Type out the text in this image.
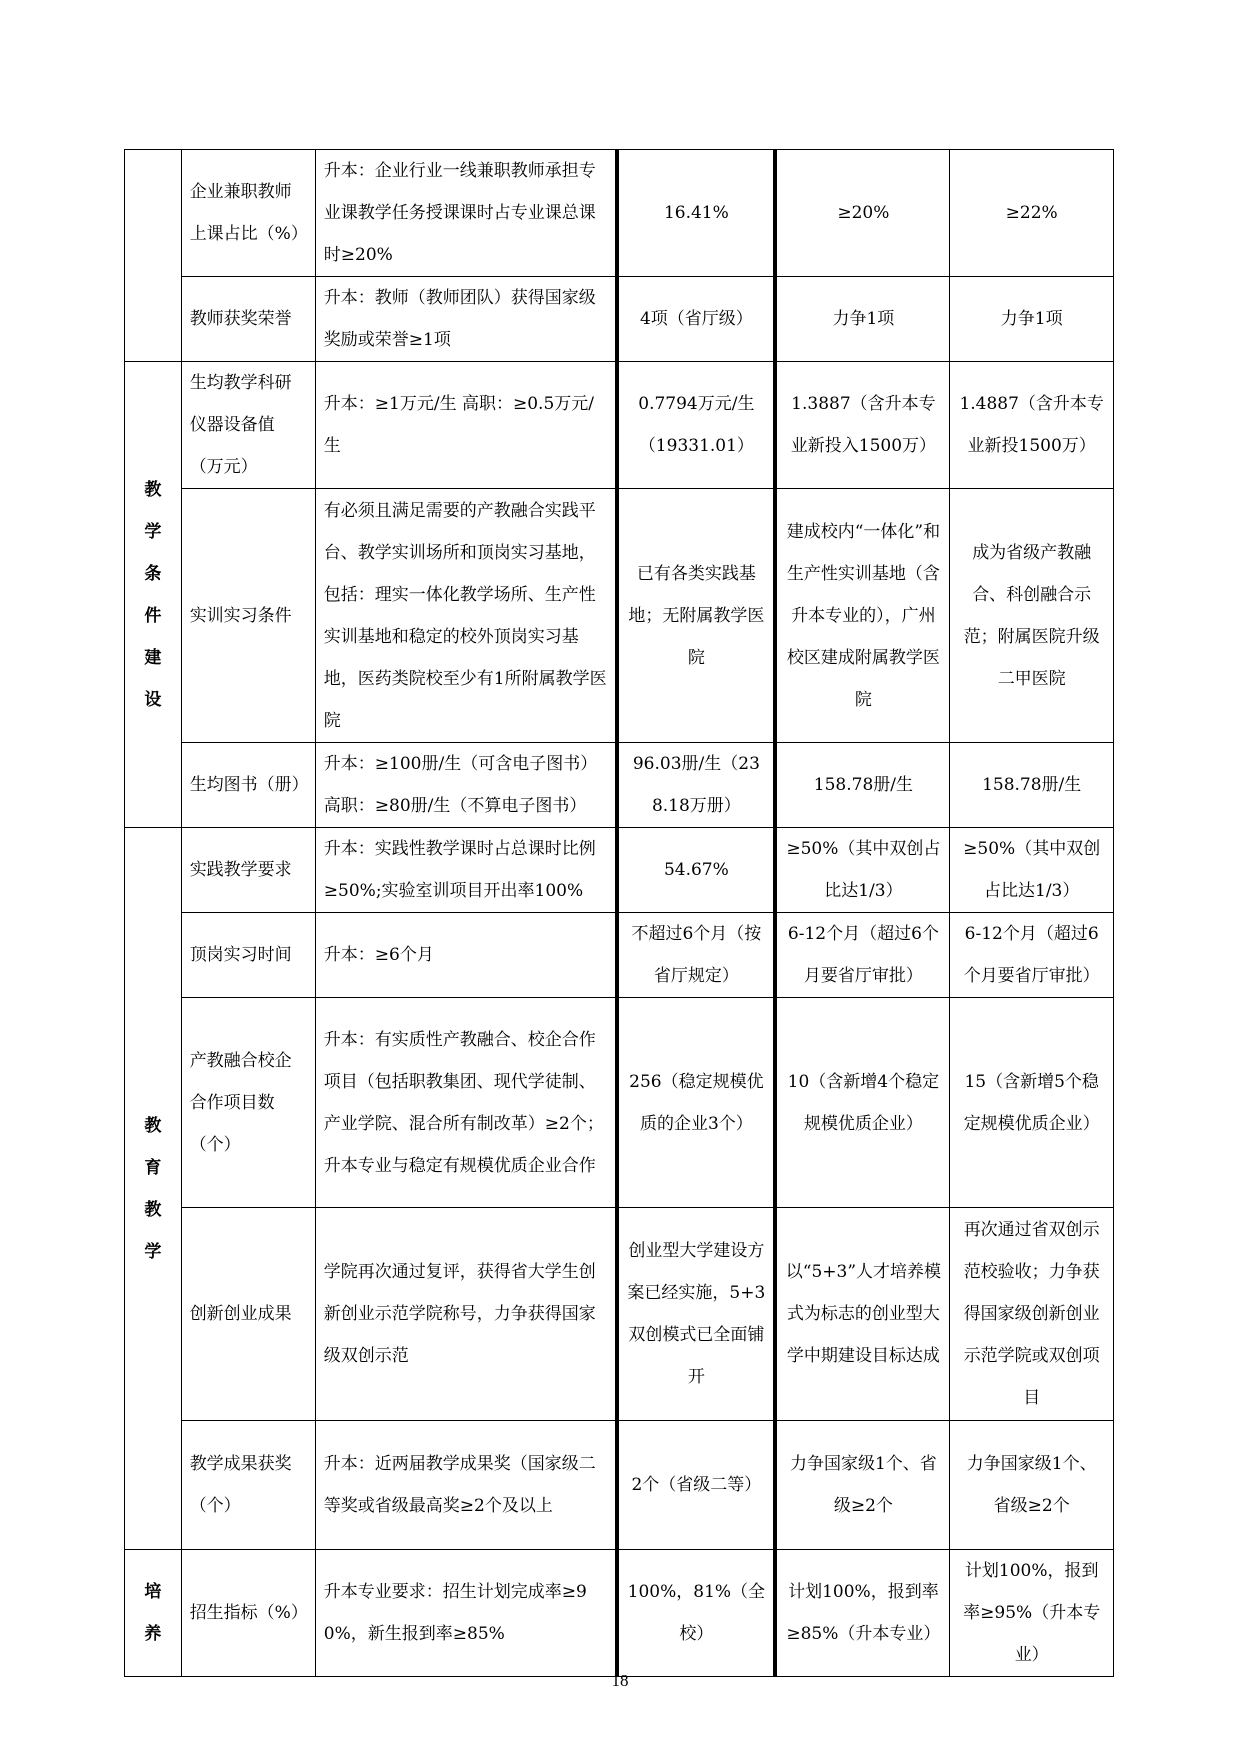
	企业兼职教师上课占比（%）	升本：企业行业一线兼职教师承担专业课教学任务授课课时占专业课总课时≥20%	16.41%	≥20%	≥22%
	教师获奖荣誉	升本：教师（教师团队）获得国家级奖励或荣誉≥1项	4项（省厅级）	力争1项	力争1项
教学条件建设	生均教学科研仪器设备值（万元）	升本：≥1万元/生 高职：≥0.5万元/生	0.7794万元/生（19331.01）	1.3887（含升本专业新投入1500万）	1.4887（含升本专业新投1500万）
	实训实习条件	有必须且满足需要的产教融合实践平台、教学实训场所和顶岗实习基地，包括：理实一体化教学场所、生产性实训基地和稳定的校外顶岗实习基地，医药类院校至少有1所附属教学医院	已有各类实践基地；无附属教学医院	建成校内“一体化”和生产性实训基地（含升本专业的），广州校区建成附属教学医院	成为省级产教融合、科创融合示范；附属医院升级二甲医院
	生均图书（册）	升本：≥100册/生（可含电子图书）高职：≥80册/生（不算电子图书）	96.03册/生（238.18万册）	158.78册/生	158.78册/生
教育教学	实践教学要求	升本：实践性教学课时占总课时比例≥50%;实验室训项目开出率100%	54.67%	≥50%（其中双创占比达1/3）	≥50%（其中双创占比达1/3）
	顶岗实习时间	升本：≥6个月	不超过6个月（按省厅规定）	6-12个月（超过6个月要省厅审批）	6-12个月（超过6个月要省厅审批）
	产教融合校企合作项目数（个）	升本：有实质性产教融合、校企合作项目（包括职教集团、现代学徒制、产业学院、混合所有制改革）≥2个；升本专业与稳定有规模优质企业合作	256（稳定规模优质的企业3个）	10（含新增4个稳定规模优质企业）	15（含新增5个稳定规模优质企业）
	创新创业成果	学院再次通过复评，获得省大学生创新创业示范学院称号，力争获得国家级双创示范	创业型大学建设方案已经实施，5+3双创模式已全面铺开	以“5+3”人才培养模式为标志的创业型大学中期建设目标达成	再次通过省双创示范校验收；力争获得国家级创新创业示范学院或双创项目
	教学成果获奖（个）	升本：近两届教学成果奖（国家级二等奖或省级最高奖≥2个及以上	2个（省级二等）	力争国家级1个、省级≥2个	力争国家级1个、省级≥2个
培养	招生指标（%）	升本专业要求：招生计划完成率≥90%，新生报到率≥85%	100%，81%（全校）	计划100%，报到率≥85%（升本专业）	计划100%，报到率≥95%（升本专业）
18
